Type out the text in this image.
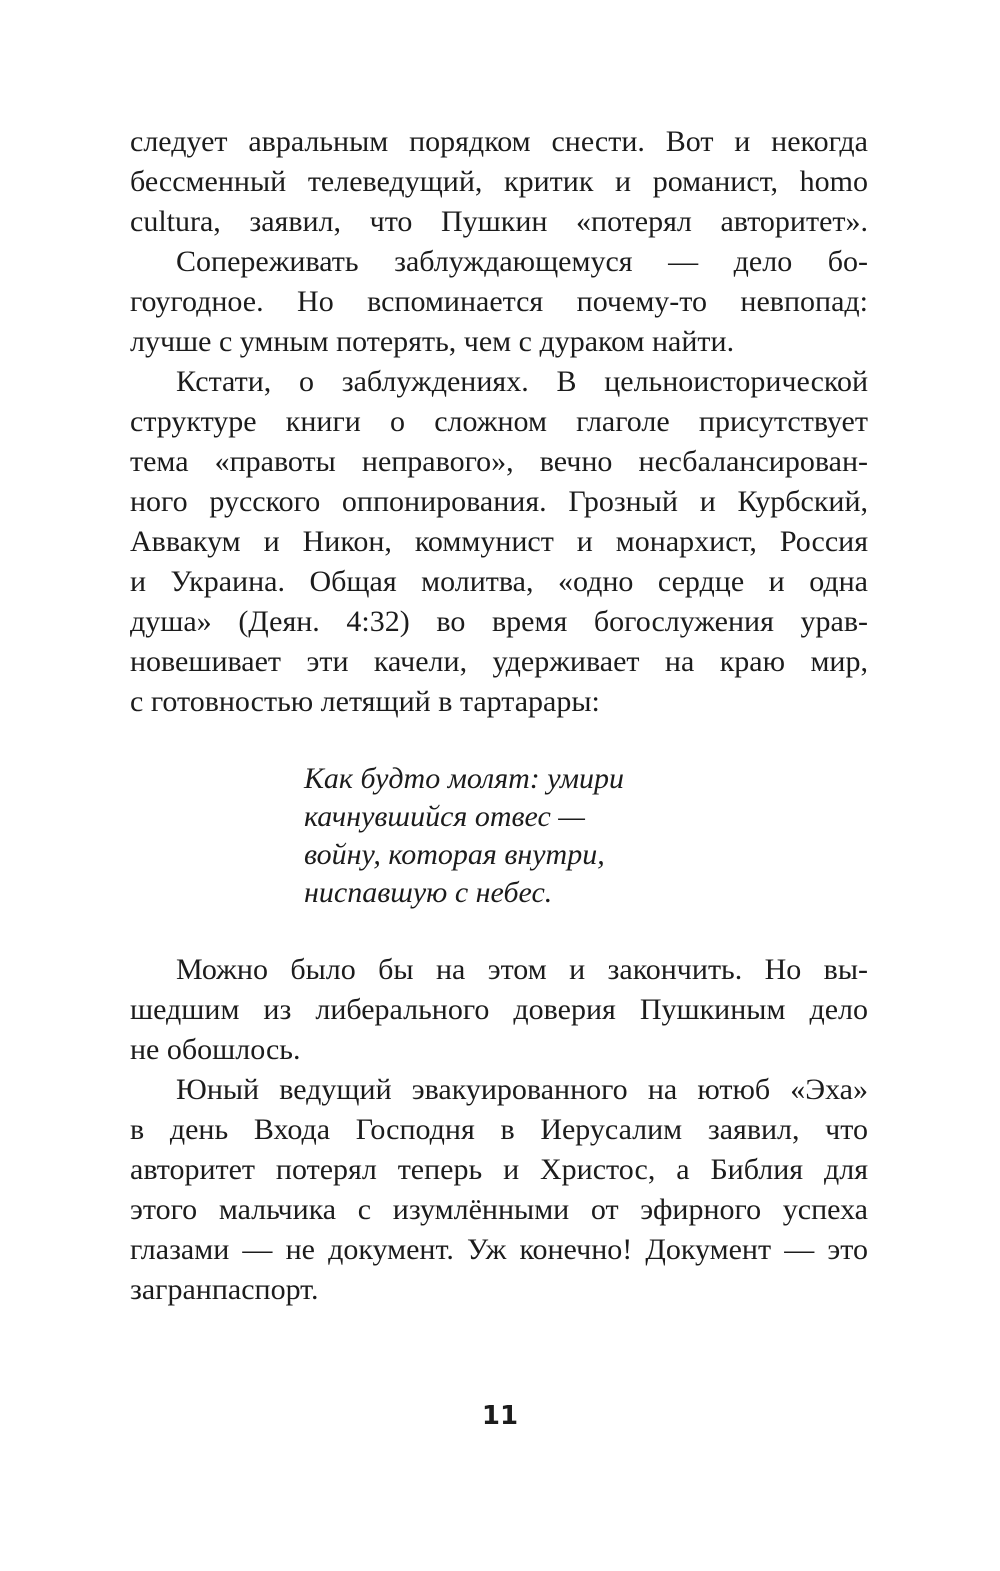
следует авральным порядком снести. Вот и некогда
бессменный телеведущий, критик и романист, homo
cultura, заявил, что Пушкин «потерял авторитет».
Сопереживать заблуждающемуся — дело бо-
гоугодное. Но вспоминается почему-то невпопад:
лучше с умным потерять, чем с дураком найти.
Кстати, о заблуждениях. В цельноисторической
структуре книги о сложном глаголе присутствует
тема «правоты неправого», вечно несбалансирован-
ного русского оппонирования. Грозный и Курбский,
Аввакум и Никон, коммунист и монархист, Россия
и Украина. Общая молитва, «одно сердце и одна
душа» (Деян. 4:32) во время богослужения урав-
новешивает эти качели, удерживает на краю мир,
с готовностью летящий в тартарары:
Как будто молят: умири
качнувшийся отвес —
войну, которая внутри,
ниспавшую с небес.
Можно было бы на этом и закончить. Но вы-
шедшим из либерального доверия Пушкиным дело
не обошлось.
Юный ведущий эвакуированного на ютюб «Эха»
в день Входа Господня в Иерусалим заявил, что
авторитет потерял теперь и Христос, а Библия для
этого мальчика с изумлёнными от эфирного успеха
глазами — не документ. Уж конечно! Документ — это
загранпаспорт.
11
